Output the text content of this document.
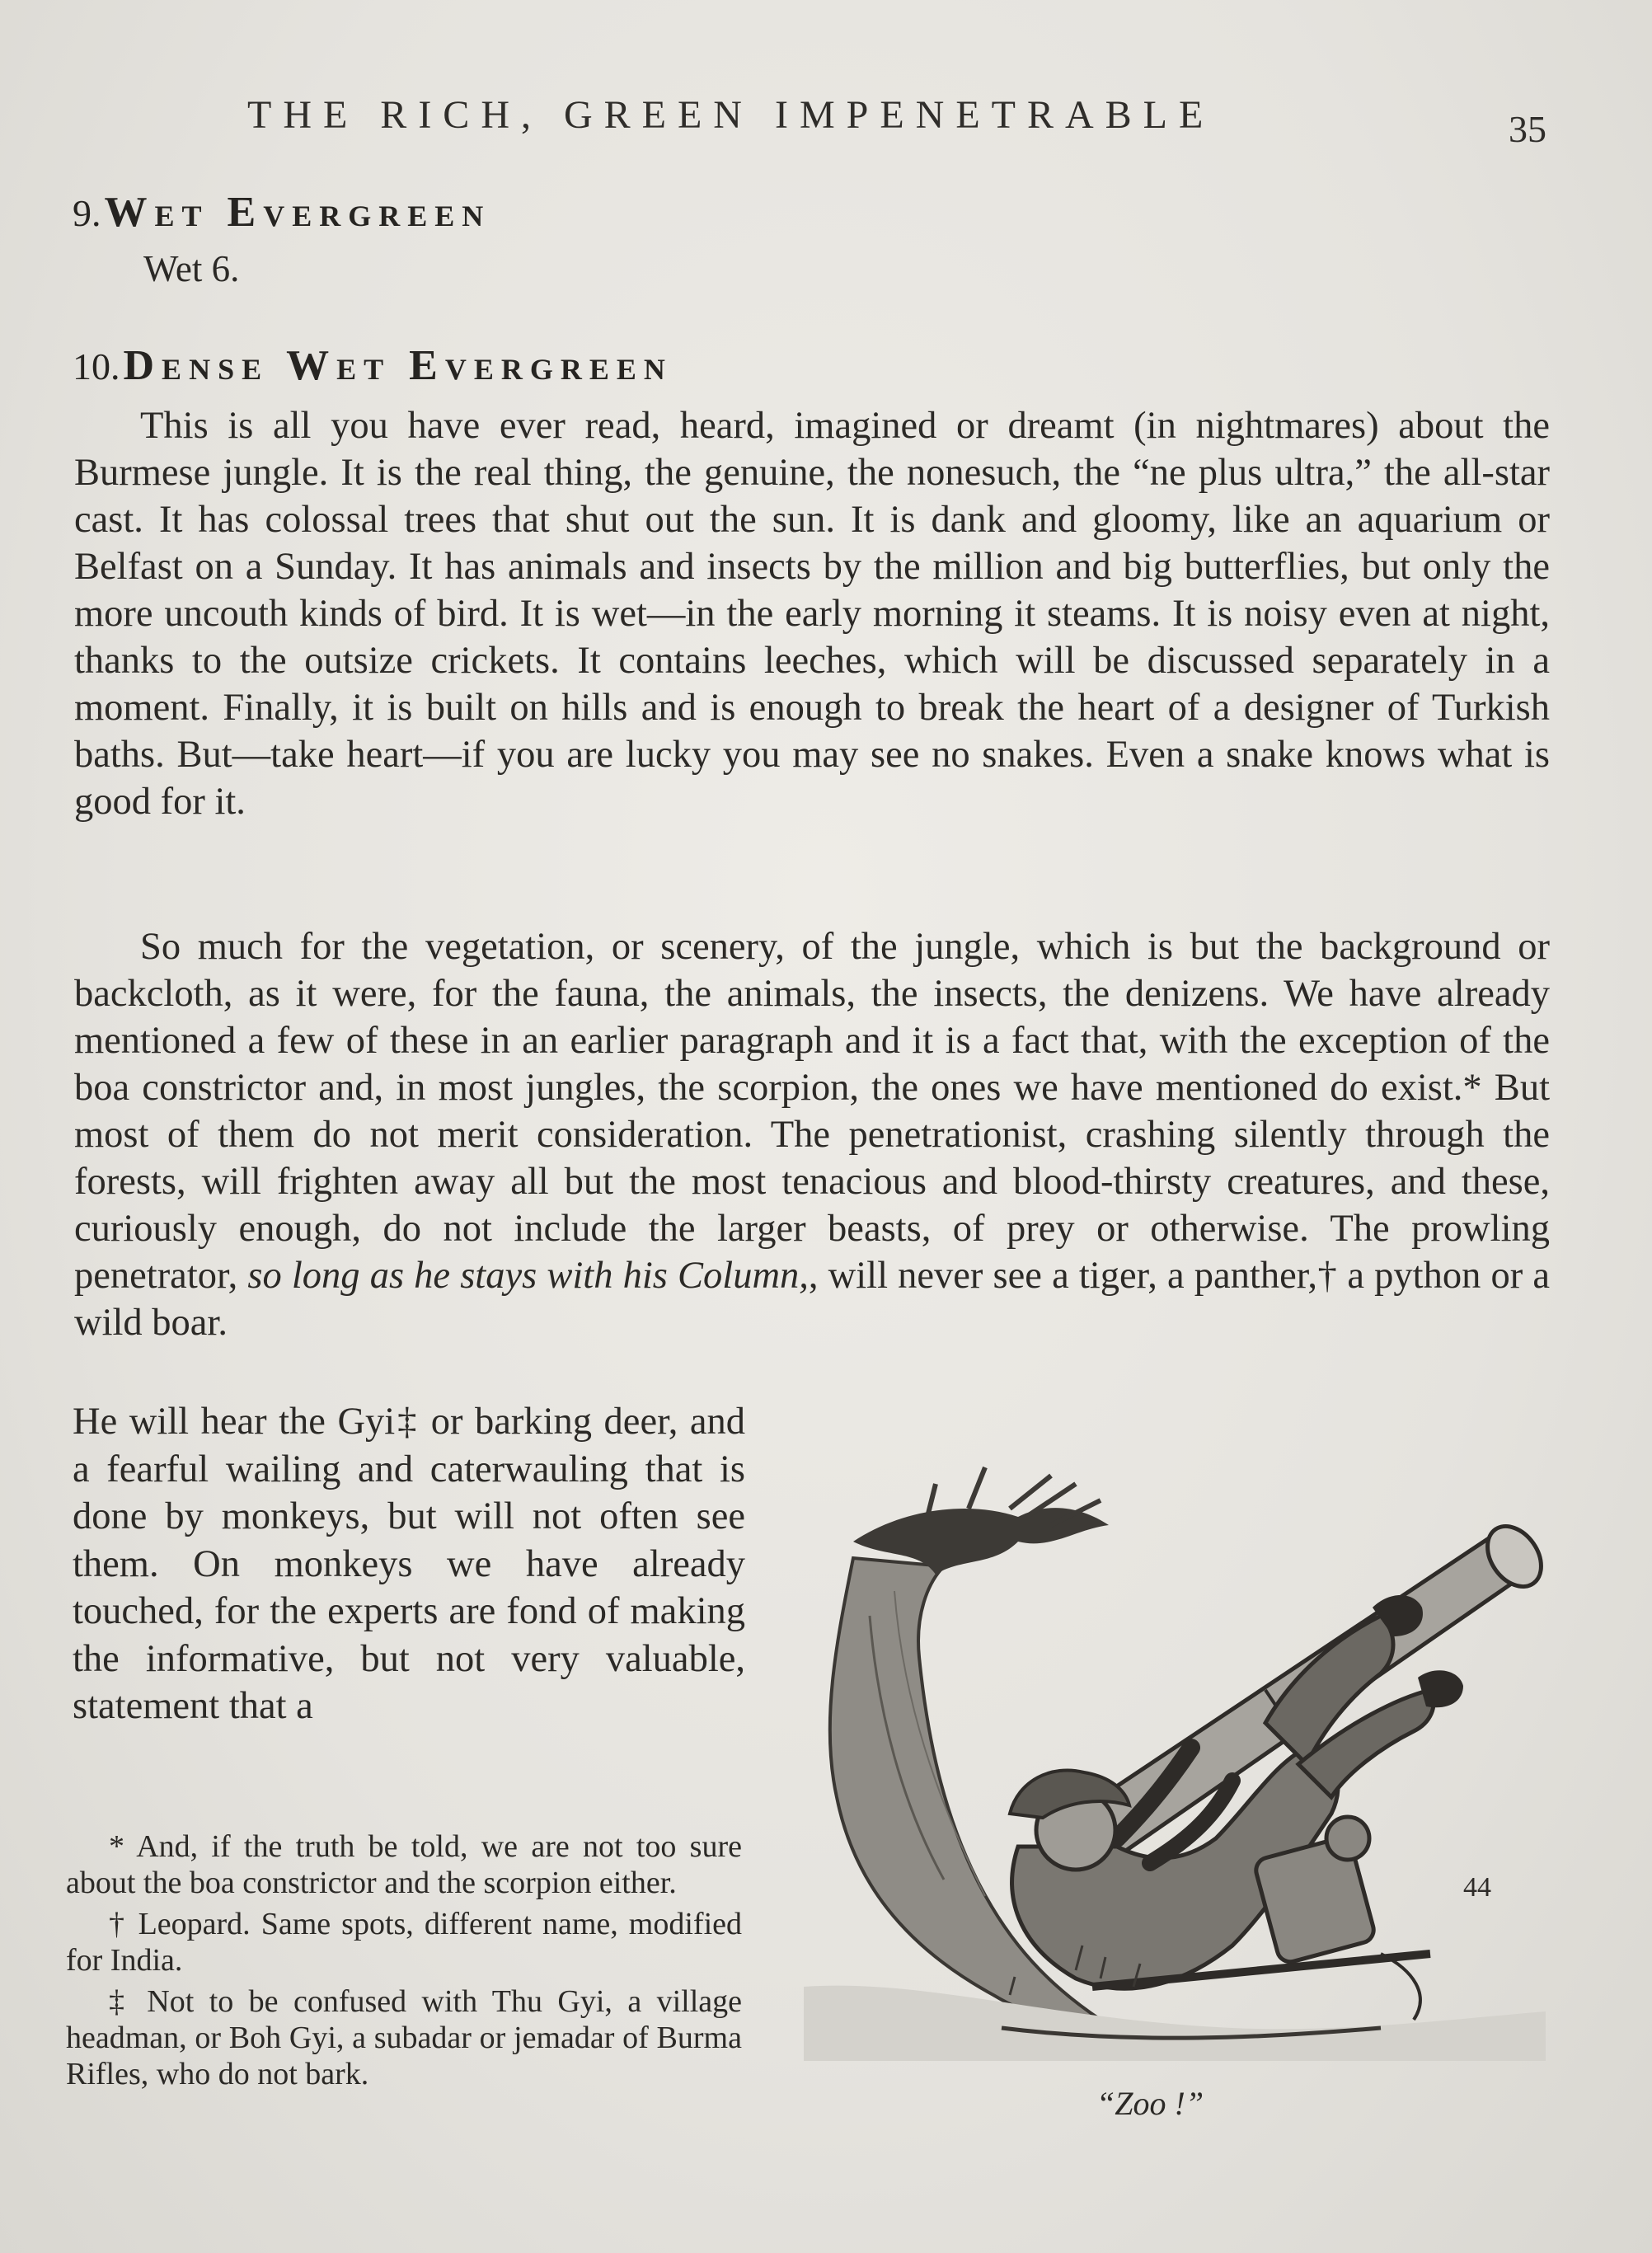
THE RICH, GREEN IMPENETRABLE	35
9. Wet Evergreen
Wet 6.
10. Dense Wet Evergreen

This is all you have ever read, heard, imagined or dreamt (in nightmares) about the Burmese jungle. It is the real thing, the genuine, the nonesuch, the “ne plus ultra,” the all-star cast. It has colossal trees that shut out the sun. It is dank and gloomy, like an aquarium or Belfast on a Sunday. It has animals and insects by the million and big butterflies, but only the more uncouth kinds of bird. It is wet—in the early morning it steams. It is noisy even at night, thanks to the outsize crickets. It contains leeches, which will be discussed separately in a moment. Finally, it is built on hills and is enough to break the heart of a designer of Turkish baths. But—take heart—if you are lucky you may see no snakes. Even a snake knows what is good for it.

So much for the vegetation, or scenery, of the jungle, which is but the background or backcloth, as it were, for the fauna, the animals, the insects, the denizens. We have already mentioned a few of these in an earlier paragraph and it is a fact that, with the exception of the boa constrictor and, in most jungles, the scorpion, the ones we have mentioned do exist.* But most of them do not merit consideration. The penetrationist, crashing silently through the forests, will frighten away all but the most tenacious and blood-thirsty creatures, and these, curiously enough, do not include the larger beasts, of prey or otherwise. The prowling penetrator, so long as he stays with his Column,, will never see a tiger, a panther,† a python or a wild boar.

He will hear the Gyi‡ or barking deer, and a fearful wailing and caterwauling that is done by monkeys, but will not often see them. On monkeys we have already touched, for the experts are fond of making the informative, but not very valuable, statement that a

* And, if the truth be told, we are not too sure about the boa constrictor and the scorpion either.

† Leopard. Same spots, different name, modified for India.

‡ Not to be confused with Thu Gyi, a village headman, or Boh Gyi, a subadar or jemadar of Burma Rifles, who do not bark.

44
“Zoo !”
